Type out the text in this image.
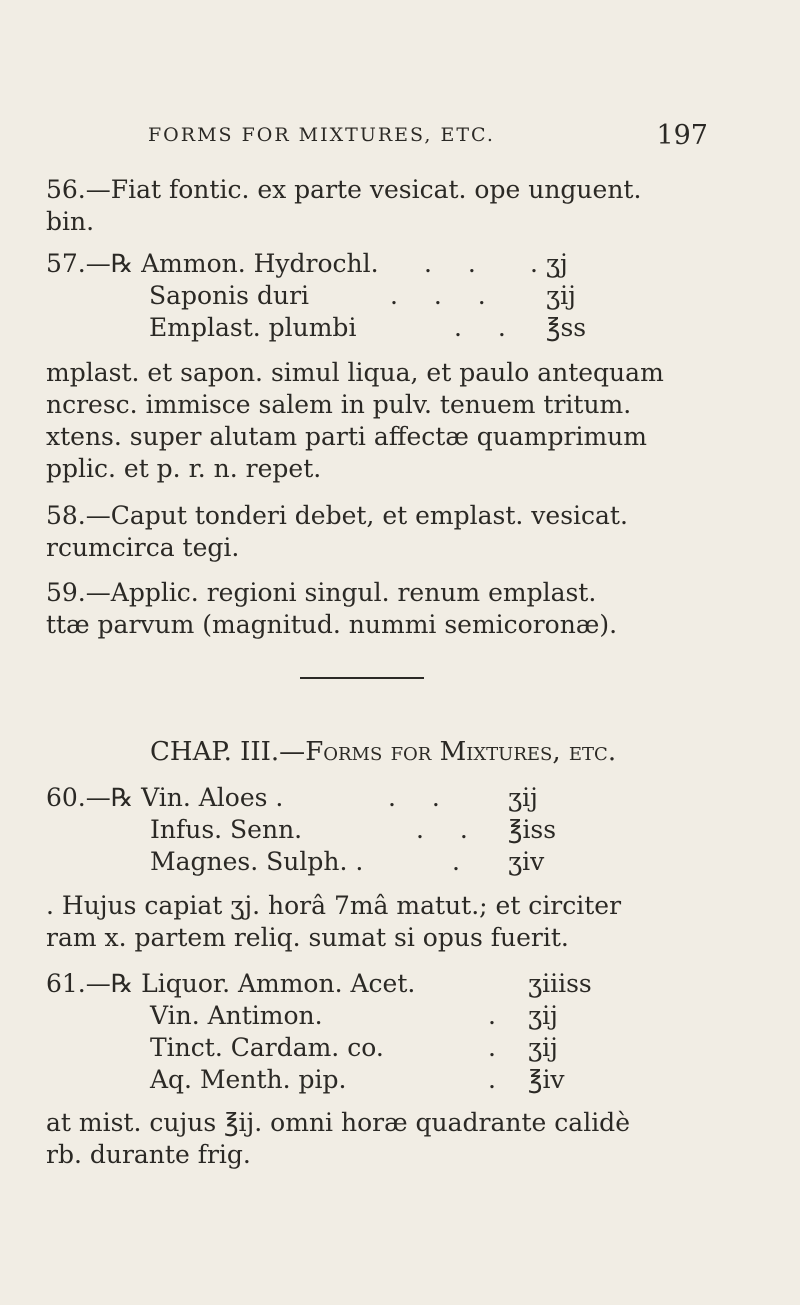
FORMS FOR MIXTURES, ETC.	197
56.—Fiat fontic. ex parte vesicat. ope unguent.
bin.
57.—℞ Ammon. Hydrochl. . . . ʒj
Saponis duri	. . . ʒij
Emplast. plumbi	. . ℥ss
mplast. et sapon. simul liqua, et paulo antequam
ncresc. immisce salem in pulv. tenuem tritum.
xtens. super alutam parti affectæ quamprimum
pplic. et p. r. n. repet.
58.—Caput tonderi debet, et emplast. vesicat.
rcumcirca tegi.
59.—Applic. regioni singul. renum emplast.
ttæ parvum (magnitud. nummi semicoronæ).
CHAP. III.—Forms for Mixtures, etc.
60.—℞ Vin. Aloes .	. . ʒij
Infus. Senn.	. . ℥iss
Magnes. Sulph. .	. ʒiv
. Hujus capiat ʒj. horâ 7mâ matut.; et circiter
ram x. partem reliq. sumat si opus fuerit.
61.—℞ Liquor. Ammon. Acet.	ʒiiiss
Vin. Antimon.	. ʒij
Tinct. Cardam. co.	. ʒij
Aq. Menth. pip.	. ℥iv
at mist. cujus ℥ij. omni horæ quadrante calidè
rb. durante frig.
